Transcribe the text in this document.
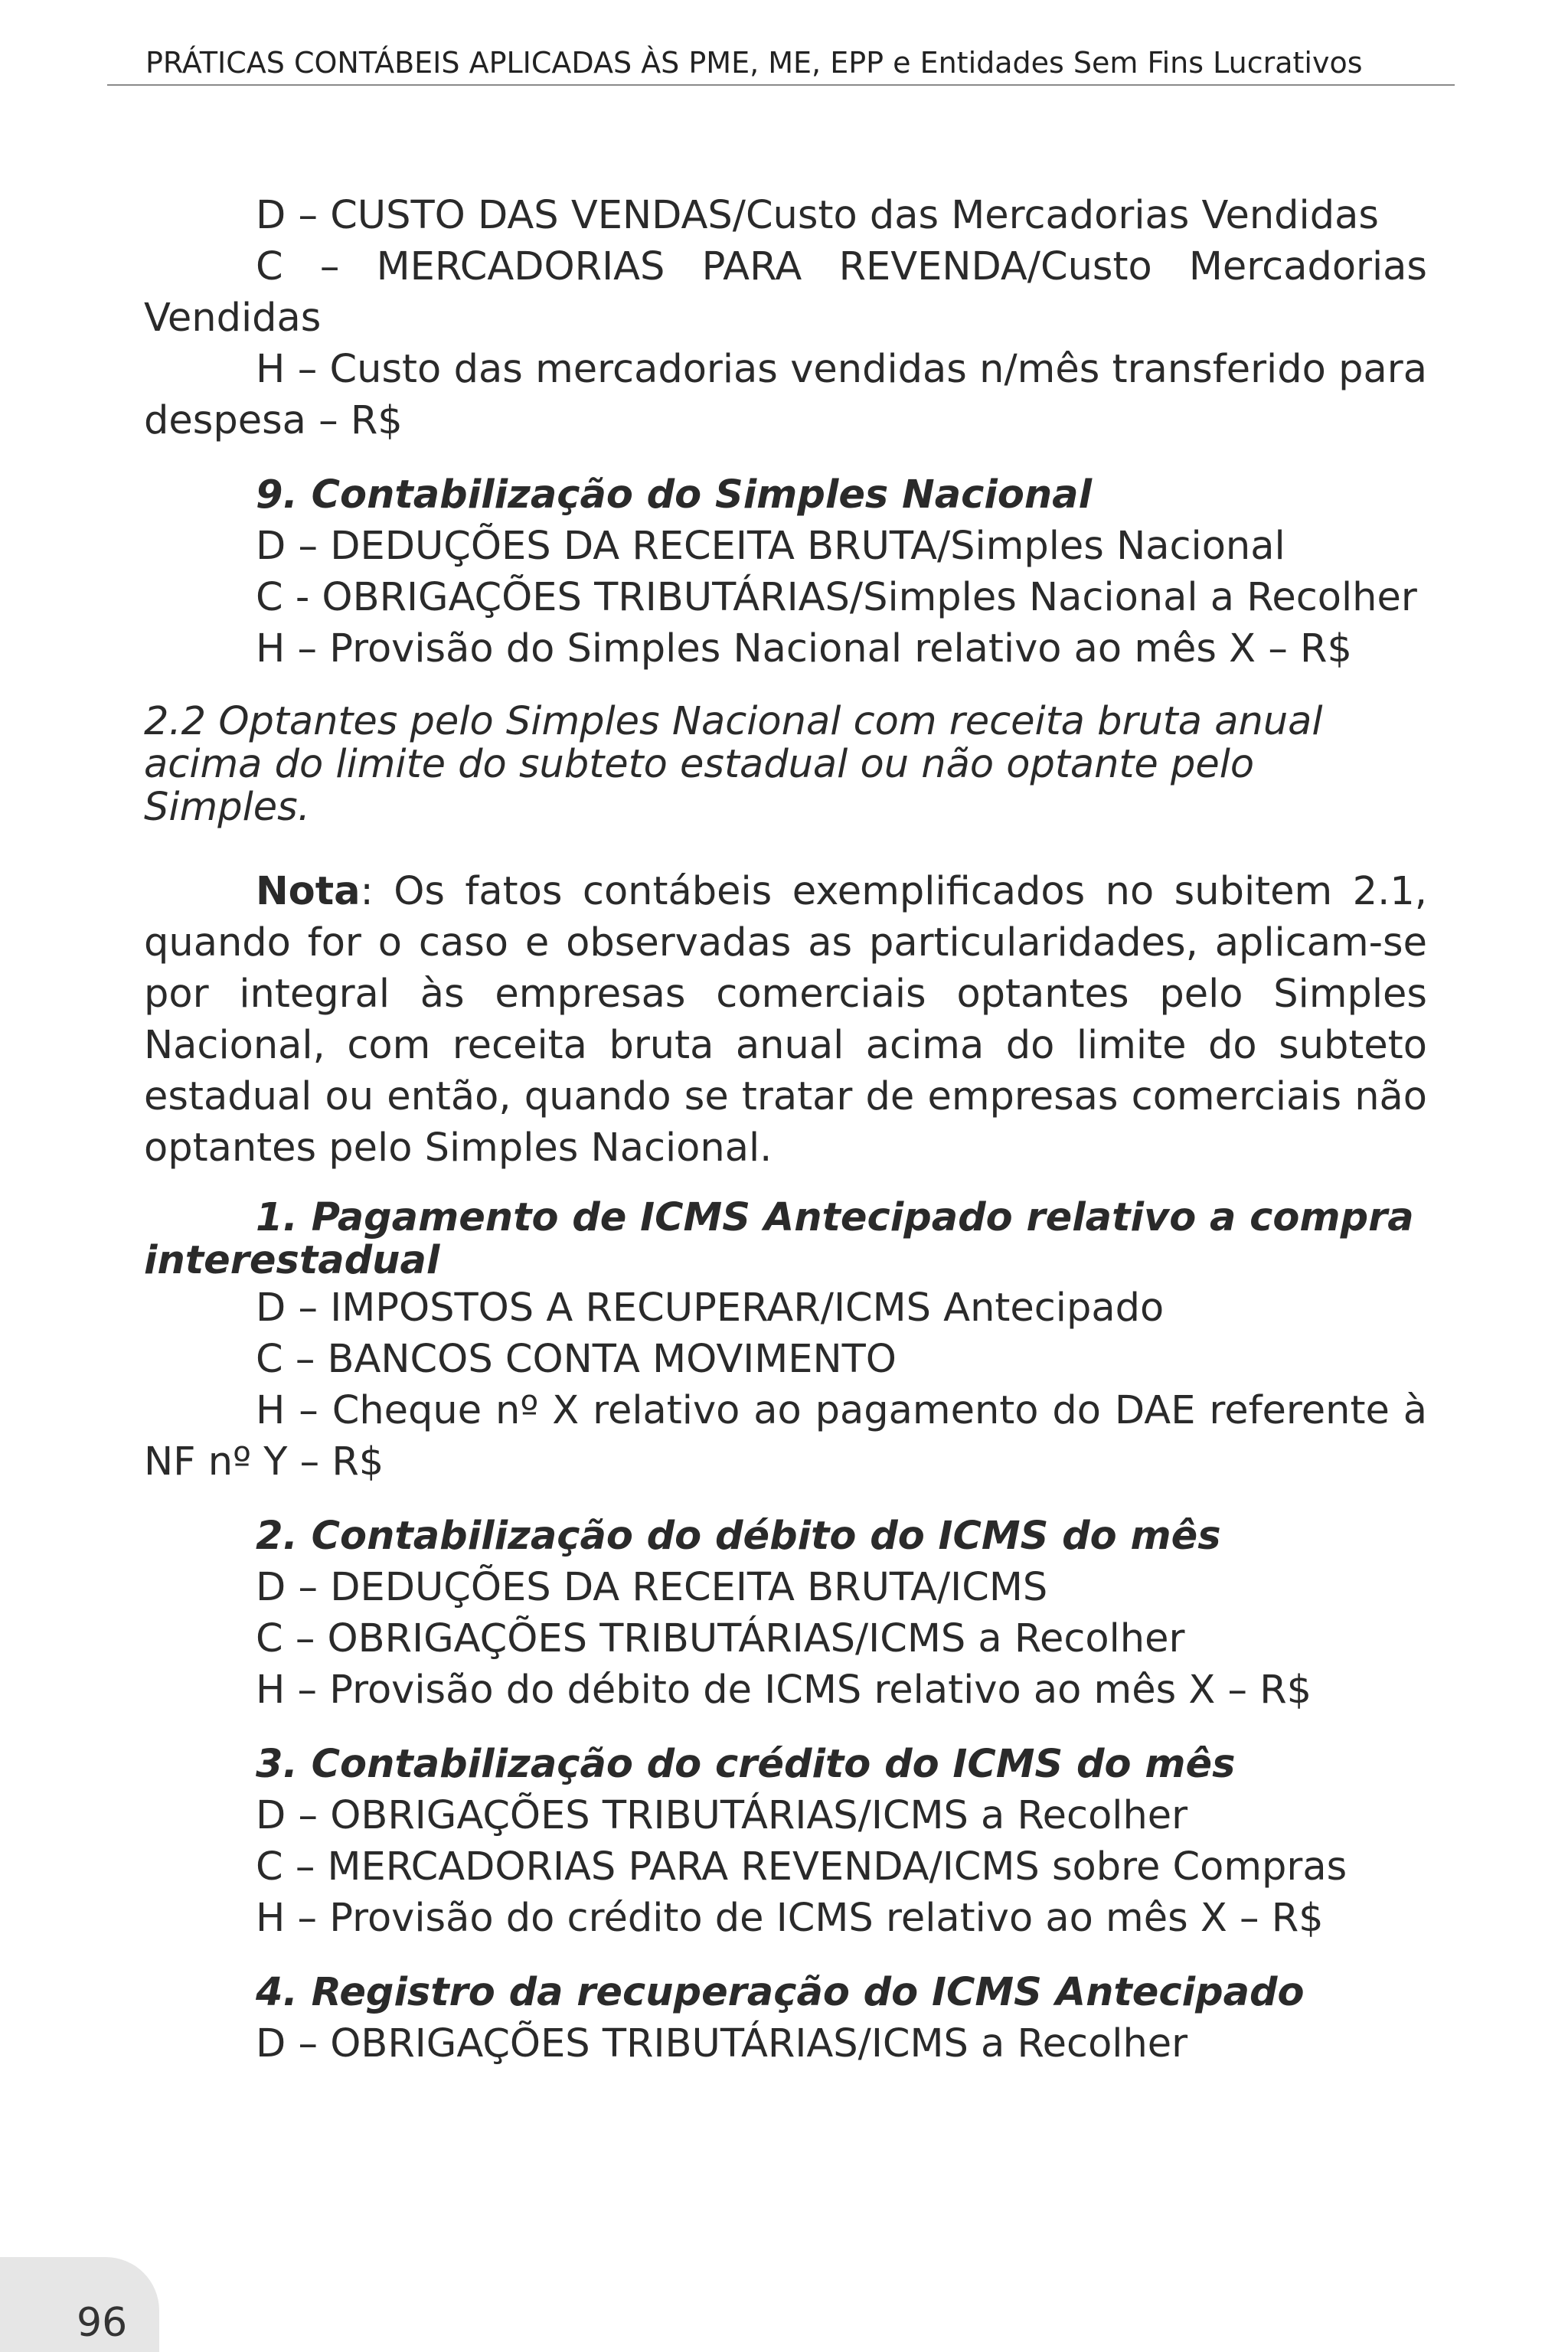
PRÁTICAS CONTÁBEIS APLICADAS ÀS PME, ME, EPP e Entidades Sem Fins Lucrativos

D – CUSTO DAS VENDAS/Custo das Mercadorias Vendidas

C – MERCADORIAS PARA REVENDA/Custo Mercadorias Vendidas

H – Custo das mercadorias vendidas n/mês transferido para despesa – R$

9. Contabilização do Simples Nacional

D – DEDUÇÕES DA RECEITA BRUTA/Simples Nacional

C - OBRIGAÇÕES TRIBUTÁRIAS/Simples Nacional a Recolher

H – Provisão do Simples Nacional relativo ao mês X – R$

2.2 Optantes pelo Simples Nacional com receita bruta anual acima do limite do subteto estadual ou não optante pelo Simples.

Nota: Os fatos contábeis exemplificados no subitem 2.1, quando for o caso e observadas as particularidades, aplicam-se por integral às empresas comerciais optantes pelo Simples Nacional, com receita bruta anual acima do limite do subteto estadual ou então, quando se tratar de empresas comerciais não optantes pelo Simples Nacional.

1. Pagamento de ICMS Antecipado relativo a compra interestadual

D – IMPOSTOS A RECUPERAR/ICMS Antecipado

C – BANCOS CONTA MOVIMENTO

H – Cheque nº X relativo ao pagamento do DAE referente à NF nº Y – R$

2. Contabilização do débito do ICMS do mês

D – DEDUÇÕES DA RECEITA BRUTA/ICMS

C – OBRIGAÇÕES TRIBUTÁRIAS/ICMS a Recolher

H – Provisão do débito de ICMS relativo ao mês X – R$

3. Contabilização do crédito do ICMS do mês

D – OBRIGAÇÕES TRIBUTÁRIAS/ICMS a Recolher

C – MERCADORIAS PARA REVENDA/ICMS sobre Compras

H – Provisão do crédito de ICMS relativo ao mês X – R$

4. Registro da recuperação do ICMS Antecipado

D – OBRIGAÇÕES TRIBUTÁRIAS/ICMS a Recolher

96
